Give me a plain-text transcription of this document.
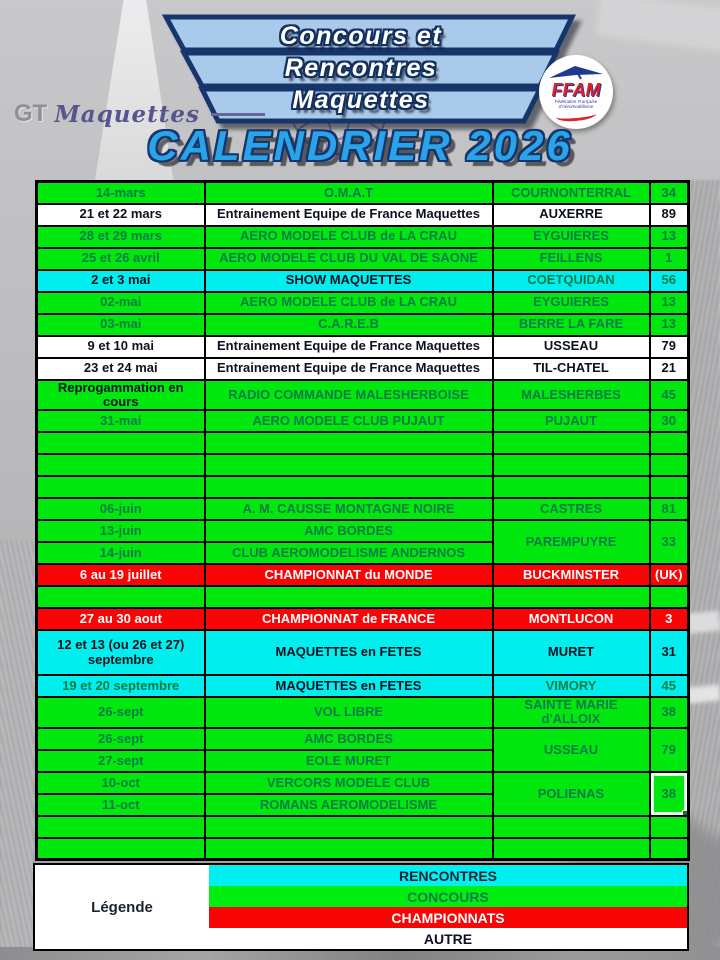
GT Maquettes
Concours et
Rencontres
Maquettes	FFAM
Fédération Française d'Aéromodélisme
CALENDRIER 2026
14-mars	O.M.A.T	COURNONTERRAL	34
21 et 22 mars	Entrainement Equipe de France Maquettes	AUXERRE	89
28 et 29 mars	AERO MODELE CLUB de LA CRAU	EYGUIERES	13
25 et 26 avril	AERO MODELE CLUB DU VAL DE SAONE	FEILLENS	1
2 et 3 mai	SHOW MAQUETTES	COETQUIDAN	56
02-mai	AERO MODELE CLUB de LA CRAU	EYGUIERES	13
03-mai	C.A.R.E.B	BERRE LA FARE	13
9 et 10 mai	Entrainement Equipe de France Maquettes	USSEAU	79
23 et 24 mai	Entrainement Equipe de France Maquettes	TIL-CHATEL	21
Reprogammation en cours	RADIO COMMANDE MALESHERBOISE	MALESHERBES	45
31-mai	AERO MODELE CLUB PUJAUT	PUJAUT	30

06-juin	A. M. CAUSSE MONTAGNE NOIRE	CASTRES	81
13-juin	AMC BORDES	PAREMPUYRE	33
14-juin	CLUB AEROMODELISME ANDERNOS		
6 au 19 juillet	CHAMPIONNAT du MONDE	BUCKMINSTER	(UK)

27 au 30 aout	CHAMPIONNAT de FRANCE	MONTLUCON	3
12 et 13 (ou 26 et 27) septembre	MAQUETTES en FETES	MURET	31
19 et 20 septembre	MAQUETTES en FETES	VIMORY	45
26-sept	VOL LIBRE	SAINTE MARIE d'ALLOIX	38
26-sept	AMC BORDES	USSEAU	79
27-sept	EOLE MURET		
10-oct	VERCORS MODELE CLUB	POLIENAS	38
11-oct	ROMANS AEROMODELISME		

Légende	RENCONTRES
CONCOURS
CHAMPIONNATS
AUTRE
